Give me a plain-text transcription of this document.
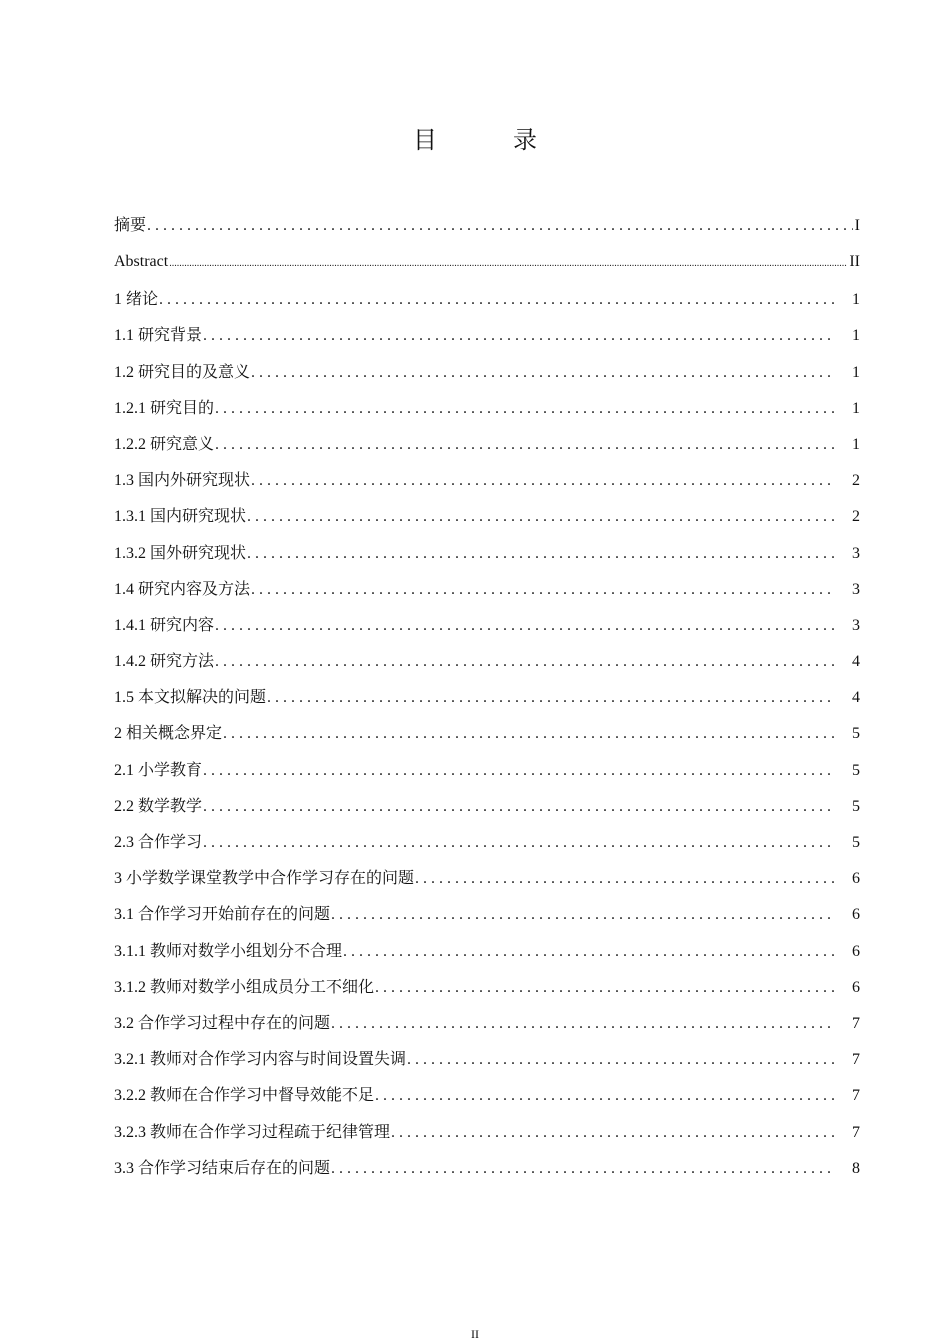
目　录
摘要 . . .	I
Abstract .....	II
1 绪论 . . .	1
1.1 研究背景 . . .	1
1.2 研究目的及意义 . . .	1
1.2.1 研究目的 . . .	1
1.2.2 研究意义 . . .	1
1.3 国内外研究现状 . . .	2
1.3.1 国内研究现状 . . .	2
1.3.2 国外研究现状 . . .	3
1.4 研究内容及方法 . . .	3
1.4.1 研究内容 . . .	3
1.4.2 研究方法 . . .	4
1.5 本文拟解决的问题 . . .	4
2 相关概念界定 . . .	5
2.1 小学教育 . . .	5
2.2 数学教学 . . .	5
2.3 合作学习 . . .	5
3 小学数学课堂教学中合作学习存在的问题 . . .	6
3.1 合作学习开始前存在的问题 . . .	6
3.1.1 教师对数学小组划分不合理 . . .	6
3.1.2 教师对数学小组成员分工不细化 . . .	6
3.2 合作学习过程中存在的问题 . . .	7
3.2.1 教师对合作学习内容与时间设置失调 . . .	7
3.2.2 教师在合作学习中督导效能不足 . . .	7
3.2.3 教师在合作学习过程疏于纪律管理 . . .	7
3.3 合作学习结束后存在的问题 . . .	8
II
